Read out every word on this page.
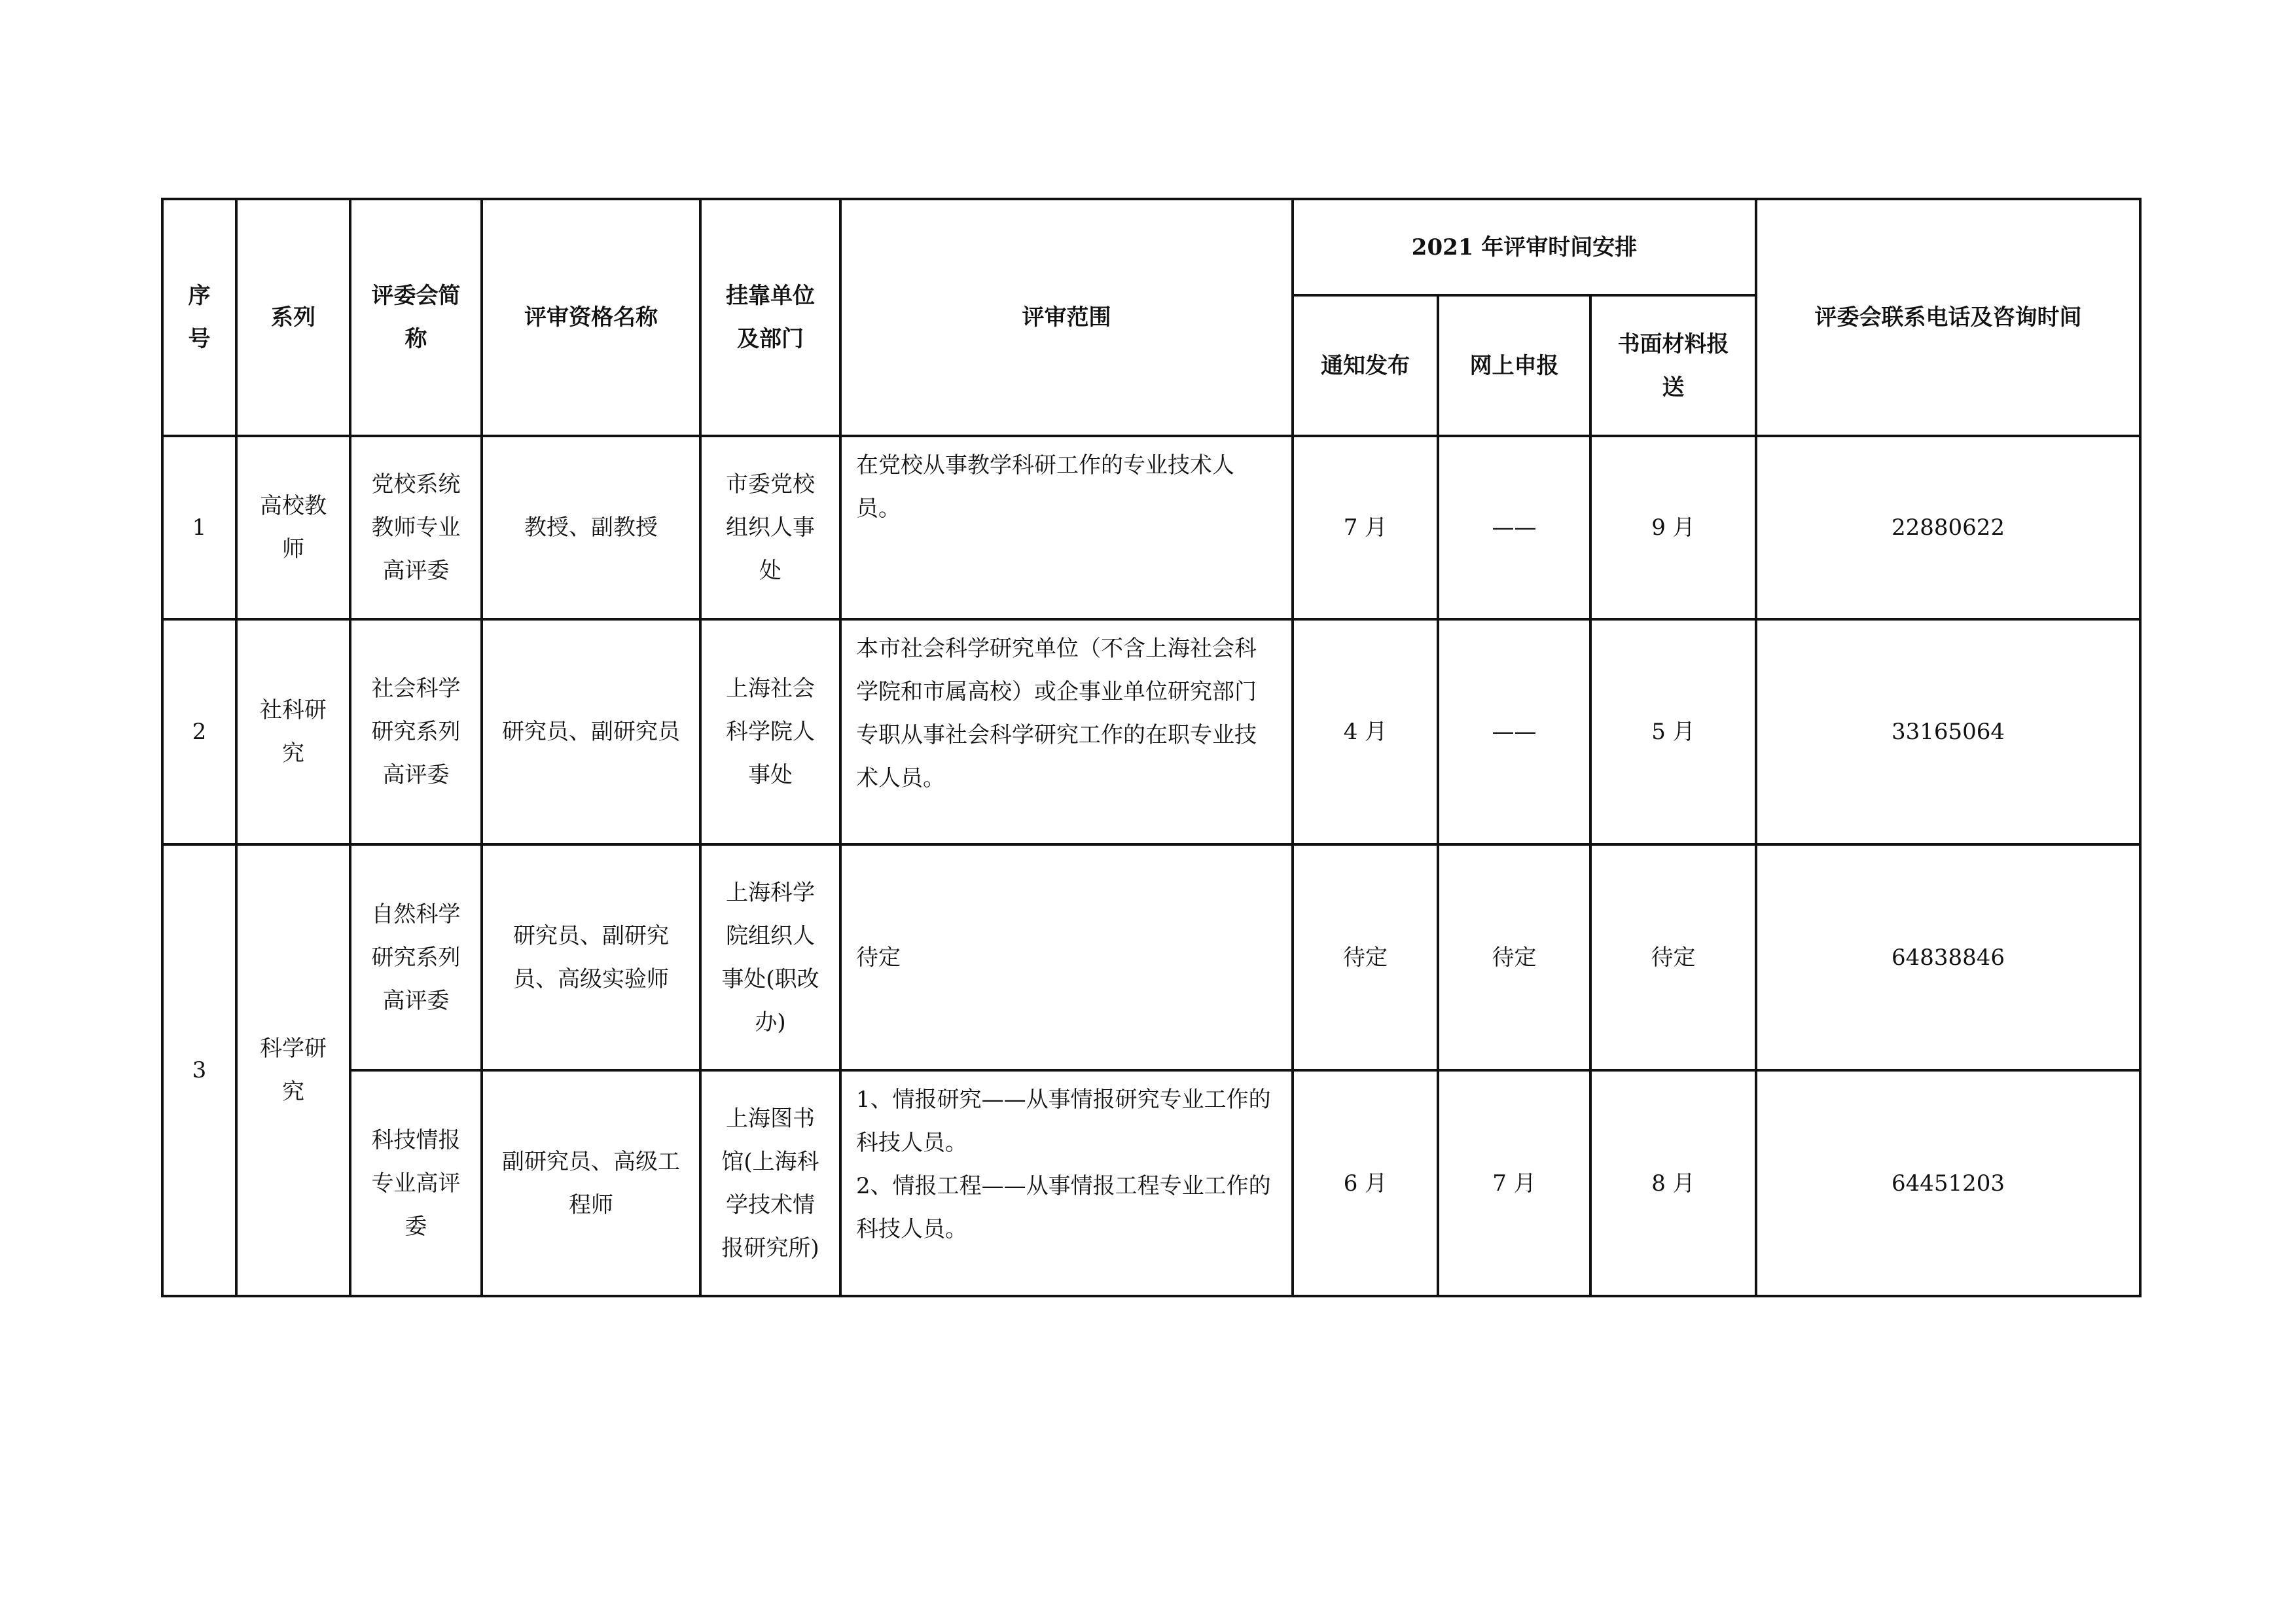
序
号	系列	评委会简
称	评审资格名称	挂靠单位
及部门	评审范围	2021 年评审时间安排			评委会联系电话及咨询时间

						通知发布	网上申报	书面材料报
送	

1	高校教
师	党校系统
教师专业
高评委	教授、副教授	市委党校
组织人事
处	在党校从事教学科研工作的专业技术人员。	7 月	——	9 月	22880622

2	社科研
究	社会科学
研究系列
高评委	研究员、副研究员	上海社会
科学院人
事处	本市社会科学研究单位（不含上海社会科学院和市属高校）或企事业单位研究部门专职从事社会科学研究工作的在职专业技术人员。	4 月	——	5 月	33165064

3	科学研
究	自然科学
研究系列
高评委	研究员、副研究
员、高级实验师	上海科学
院组织人
事处(职改
办)	待定	待定	待定	待定	64838846

		科技情报
专业高评
委	副研究员、高级工
程师	上海图书
馆(上海科
学技术情
报研究所)	1、情报研究——从事情报研究专业工作的科技人员。
2、情报工程——从事情报工程专业工作的科技人员。	6 月	7 月	8 月	64451203
